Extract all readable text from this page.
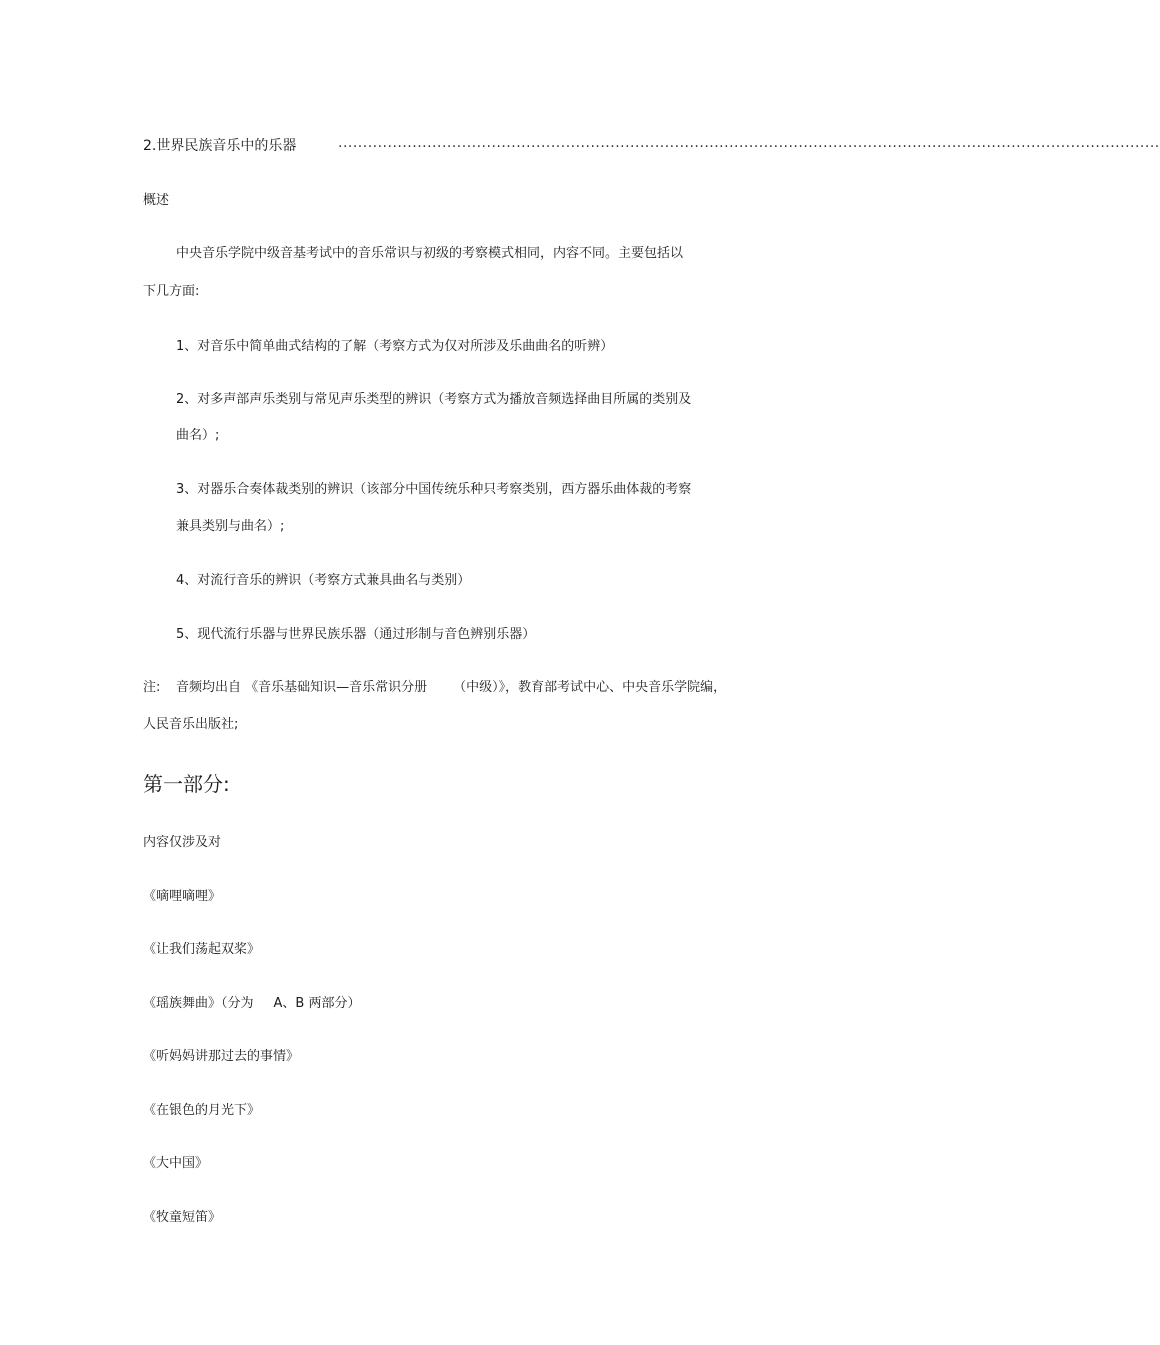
2.世界民族音乐中的乐器	......................................................................................................................................................................
概述
中央音乐学院中级音基考试中的音乐常识与初级的考察模式相同，内容不同。主要包括以
下几方面:
1、对音乐中简单曲式结构的了解（考察方式为仅对所涉及乐曲曲名的听辨）
2、对多声部声乐类别与常见声乐类型的辨识（考察方式为播放音频选择曲目所属的类别及
曲名）;
3、对器乐合奏体裁类别的辨识（该部分中国传统乐种只考察类别，西方器乐曲体裁的考察
兼具类别与曲名）;
4、对流行音乐的辨识（考察方式兼具曲名与类别）
5、现代流行乐器与世界民族乐器（通过形制与音色辨别乐器）
注: 音频均出自 《音乐基础知识—音乐常识分册 （中级）》，教育部考试中心、中央音乐学院编，
人民音乐出版社;
第一部分:
内容仅涉及对
《嘀哩嘀哩》
《让我们荡起双桨》
《瑶族舞曲》（分为 A、B 两部分）
《听妈妈讲那过去的事情》
《在银色的月光下》
《大中国》
《牧童短笛》
